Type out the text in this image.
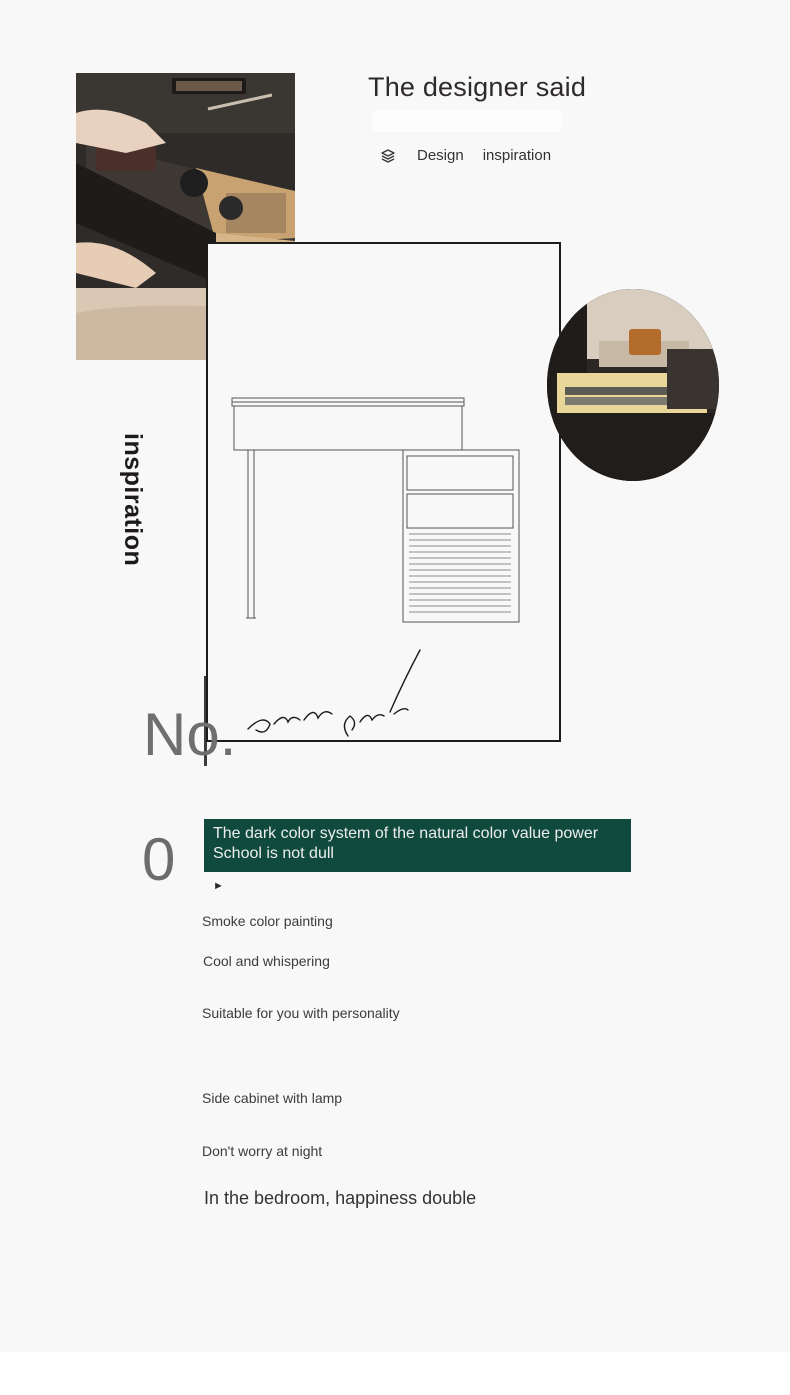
The designer said
Design inspiration
inspiration
No.
0 The dark color system of the natural color value power School is not dull
►
Smoke color painting
Cool and whispering
Suitable for you with personality
Side cabinet with lamp
Don't worry at night
In the bedroom, happiness double
